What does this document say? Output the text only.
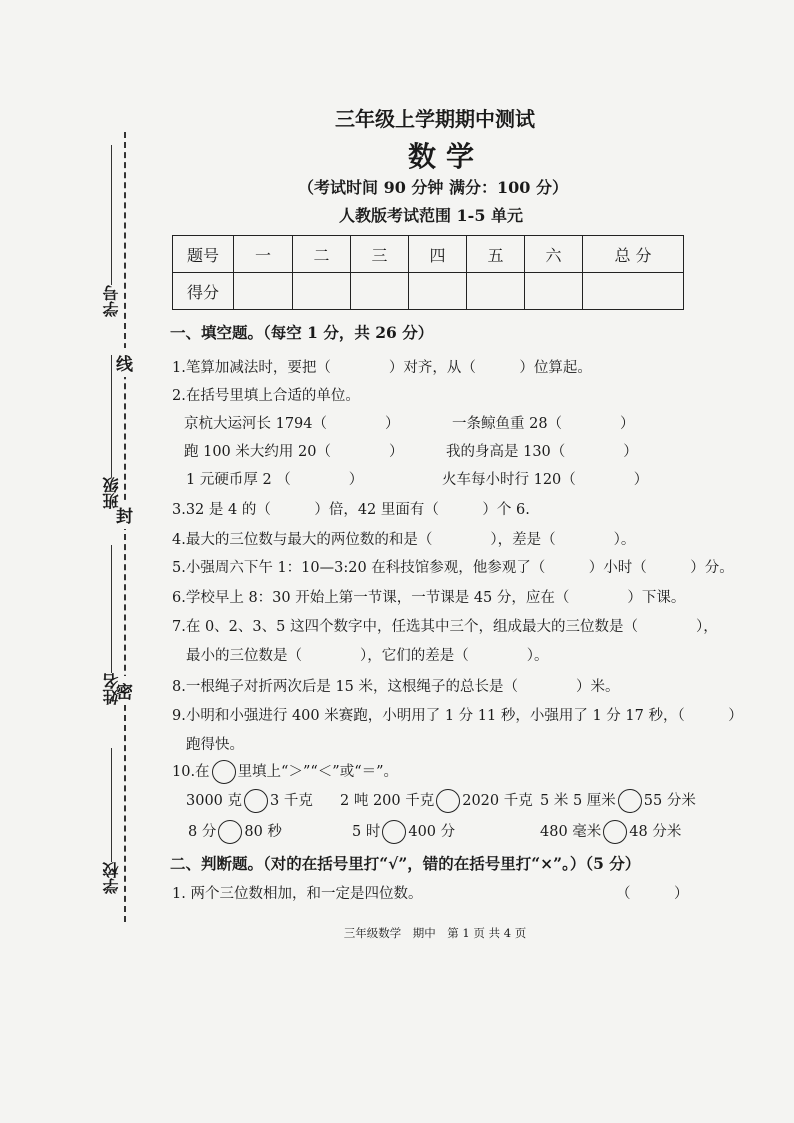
线
封
密
学号
班级
姓名
学校
三年级上学期期中测试
数学
（考试时间 90 分钟 满分：100 分）
人教版考试范围 1-5 单元
题号	一	二	三	四	五	六	总 分
得分							
一、填空题。（每空 1 分，共 26 分）
1.笔算加减法时，要把（　　　　）对齐，从（　　　）位算起。
2.在括号里填上合适的单位。
京杭大运河长 1794（　　　　）	一条鲸鱼重 28（　　　　）
跑 100 米大约用 20（　　　　）	我的身高是 130（　　　　）
1 元硬币厚 2 （　　　　）	火车每小时行 120（　　　　）
3.32 是 4 的（　　　）倍，42 里面有（　　　）个 6.
4.最大的三位数与最大的两位数的和是（　　　　），差是（　　　　）。
5.小强周六下午 1：10—3:20 在科技馆参观，他参观了（　　　）小时（　　　）分。
6.学校早上 8：30 开始上第一节课，一节课是 45 分，应在（　　　　）下课。
7.在 0、2、3、5 这四个数字中，任选其中三个，组成最大的三位数是（　　　　），
最小的三位数是（　　　　），它们的差是（　　　　）。
8.一根绳子对折两次后是 15 米，这根绳子的总长是（　　　　）米。
9.小明和小强进行 400 米赛跑，小明用了 1 分 11 秒，小强用了 1 分 17 秒，（　　　）
跑得快。
10.在 里填上“＞”“＜”或“＝”。
3000 克 3 千克 2 吨 200 千克 2020 千克 5 米 5 厘米 55 分米
8 分 80 秒	5 时 400 分	480 毫米 48 分米
二、判断题。（对的在括号里打“√”，错的在括号里打“×”。）（5 分）
1. 两个三位数相加，和一定是四位数。	（　　　）
三年级数学　期中　第 1 页 共 4 页
